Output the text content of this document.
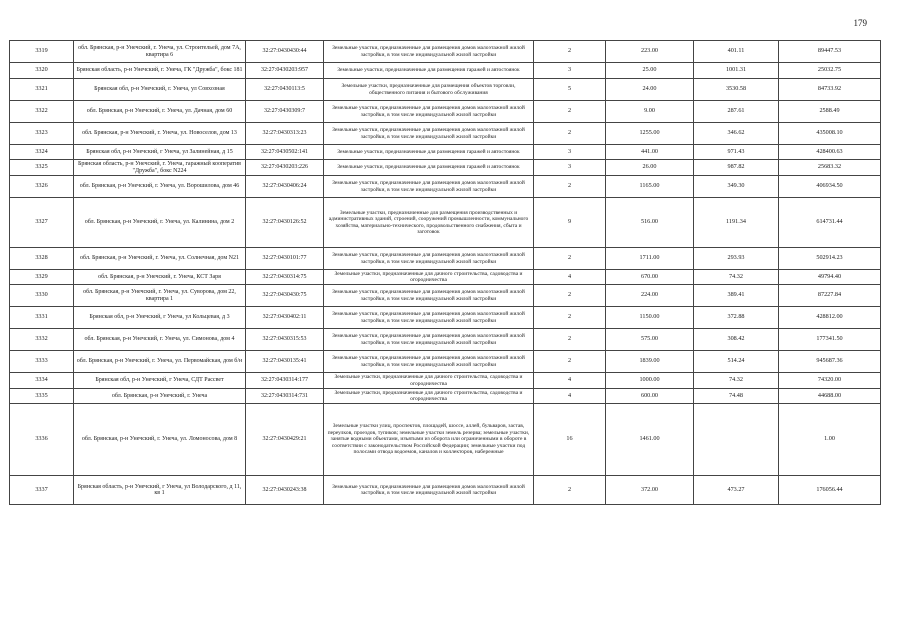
179
3319	обл. Брянская, р-н Унечский, г. Унеча, ул. Строительей, дом 7А, квартира 6	32:27:0430430:44	Земельные участки, предназначенные для размещения домов малоэтажной жилой застройки, в том числе индивидуальной жилой застройки	2	223.00	401.11	89447.53
3320	Брянская область, р-н Унечский, г. Унеча, ГК "Дружба", бокс 181	32:27:0430203:957	Земельные участки, предназначенные для размещения гаражей и автостоянок	3	25.00	1001.31	25032.75
3321	Брянская обл, р-н Унечский, г. Унеча, ул Совхозная	32:27:0430113:5	Земельные участки, предназначенные для размещения объектов торговли, общественного питания и бытового обслуживания	5	24.00	3530.58	84733.92
3322	обл. Брянская, р-н Унечский, г. Унеча, ул. Дачная, дом 60	32:27:0430309:7	Земельные участки, предназначенные для размещения домов малоэтажной жилой застройки, в том числе индивидуальной жилой застройки	2	9.00	287.61	2588.49
3323	обл. Брянская, р-н Унечский, г. Унеча, ул. Новоселов, дом 13	32:27:0430313:23	Земельные участки, предназначенные для размещения домов малоэтажной жилой застройки, в том числе индивидуальной жилой застройки	2	1255.00	346.62	435008.10
3324	Брянская обл, р-н Унечский, г Унеча, ул Залинейная, д 15	32:27:0430502:141	Земельные участки, предназначенные для размещения гаражей и автостоянок	3	441.00	971.43	428400.63
3325	Брянская область, р-н Унечский, г. Унеча, гаражный кооператив "Дружба", бокс N224	32:27:0430203:226	Земельные участки, предназначенные для размещения гаражей и автостоянок	3	26.00	987.82	25683.32
3326	обл. Брянская, р-н Унечский, г. Унеча, ул. Ворошилова, дом 46	32:27:0430406:24	Земельные участки, предназначенные для размещения домов малоэтажной жилой застройки, в том числе индивидуальной жилой застройки	2	1165.00	349.30	406934.50
3327	обл. Брянская, р-н Унечский, г. Унеча, ул. Калинина, дом 2	32:27:0430126:52	Земельные участки, предназначенные для размещения производственных и административных зданий, строений, сооружений промышленности, коммунального хозяйства, материально-технического, продовольственного снабжения, сбыта и заготовок	9	516.00	1191.34	614731.44
3328	обл. Брянская, р-н Унечский, г. Унеча, ул. Солнечная, дом N21	32:27:0430101:77	Земельные участки, предназначенные для размещения домов малоэтажной жилой застройки, в том числе индивидуальной жилой застройки	2	1711.00	293.93	502914.23
3329	обл. Брянская, р-н Унечский, г. Унеча, КСТ Заря	32:27:0430314:75	Земельные участки, предназначенные для дачного строительства, садоводства и огородничества	4	670.00	74.32	49794.40
3330	обл. Брянская, р-н Унечский, г. Унеча, ул. Суворова, дом 22, квартира 1	32:27:0430430:75	Земельные участки, предназначенные для размещения домов малоэтажной жилой застройки, в том числе индивидуальной жилой застройки	2	224.00	389.41	87227.84
3331	Брянская обл, р-н Унечский, г Унеча, ул Кольцевая, д 3	32:27:0430402:11	Земельные участки, предназначенные для размещения домов малоэтажной жилой застройки, в том числе индивидуальной жилой застройки	2	1150.00	372.88	428812.00
3332	обл. Брянская, р-н Унечский, г. Унеча, ул. Симонова, дом 4	32:27:0430315:53	Земельные участки, предназначенные для размещения домов малоэтажной жилой застройки, в том числе индивидуальной жилой застройки	2	575.00	308.42	177341.50
3333	обл. Брянская, р-н Унечский, г. Унеча, ул. Первомайская, дом б/н	32:27:0430135:41	Земельные участки, предназначенные для размещения домов малоэтажной жилой застройки, в том числе индивидуальной жилой застройки	2	1839.00	514.24	945687.36
3334	Брянская обл, р-н Унечский, г Унеча, СДТ Рассвет	32:27:0430314:177	Земельные участки, предназначенные для дачного строительства, садоводства и огородничества	4	1000.00	74.32	74320.00
3335	обл. Брянская, р-н Унечский, г. Унеча	32:27:0430314:731	Земельные участки, предназначенные для дачного строительства, садоводства и огородничества	4	600.00	74.48	44688.00
3336	обл. Брянская, р-н Унечский, г. Унеча, ул. Ломоносова, дом 8	32:27:0430429:21	Земельные участки улиц, проспектов, площадей, шоссе, аллей, бульваров, застав, переулков, проездов, тупиков; земельные участки земель резерва; земельные участки, занятые водными объектами, изъятыми из оборота или ограниченными в обороте в соответствии с законодательством Российской Федерации; земельные участки под полосами отвода водоемов, каналов и коллекторов, набережные	16	1461.00		1.00
3337	Брянская область, р-н Унечский, г Унеча, ул Володарского, д 11, кв 1	32:27:0430243:38	Земельные участки, предназначенные для размещения домов малоэтажной жилой застройки, в том числе индивидуальной жилой застройки	2	372.00	473.27	176056.44
